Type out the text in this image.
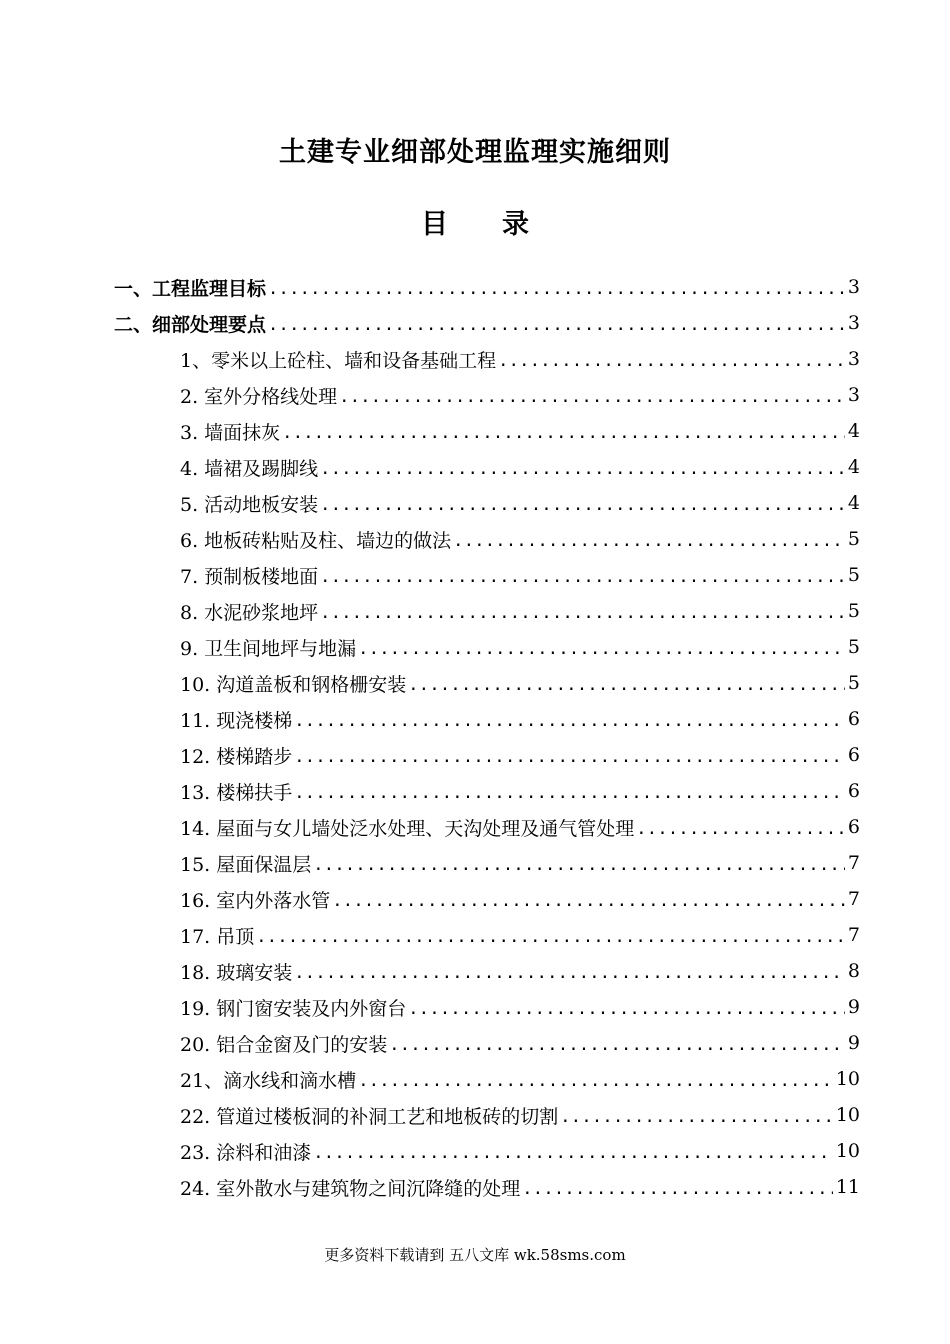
土建专业细部处理监理实施细则
目 录
一、工程监理目标 .....	3
二、细部处理要点 .....	3
1、零米以上砼柱、墙和设备基础工程 .....	3
2. 室外分格线处理 .....	3
3. 墙面抹灰 .....	4
4. 墙裙及踢脚线 .....	4
5. 活动地板安装 .....	4
6. 地板砖粘贴及柱、墙边的做法 .....	5
7. 预制板楼地面 .....	5
8. 水泥砂浆地坪 .....	5
9. 卫生间地坪与地漏 .....	5
10. 沟道盖板和钢格栅安装 .....	5
11. 现浇楼梯 .....	6
12. 楼梯踏步 .....	6
13. 楼梯扶手 .....	6
14. 屋面与女儿墙处泛水处理、天沟处理及通气管处理 .....	6
15. 屋面保温层 .....	7
16. 室内外落水管 .....	7
17. 吊顶 .....	7
18. 玻璃安装 .....	8
19. 钢门窗安装及内外窗台 .....	9
20. 铝合金窗及门的安装 .....	9
21、滴水线和滴水槽 .....	10
22. 管道过楼板洞的补洞工艺和地板砖的切割 .....	10
23. 涂料和油漆 .....	10
24. 室外散水与建筑物之间沉降缝的处理 .....	11
更多资料下载请到 五八文库 wk.58sms.com
